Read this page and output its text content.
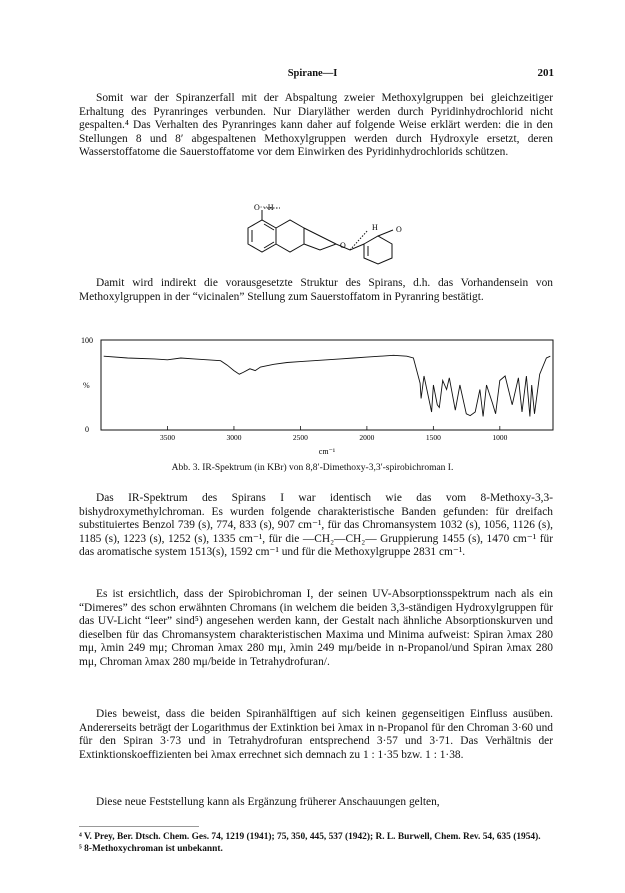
Spirane—I	201

Somit war der Spiranzerfall mit der Abspaltung zweier Methoxylgruppen bei gleichzeitiger Erhaltung des Pyranringes verbunden. Nur Diaryläther werden durch Pyridinhydrochlorid nicht gespalten.⁴ Das Verhalten des Pyranringes kann daher auf folgende Weise erklärt werden: die in den Stellungen 8 und 8′ abgespaltenen Methoxylgruppen werden durch Hydroxyle ersetzt, deren Wasserstoffatome die Sauerstoffatome vor dem Einwirken des Pyridinhydrochlorids schützen.

O···H
H O
O

Damit wird indirekt die vorausgesetzte Struktur des Spirans, d.h. das Vorhandensein von Methoxylgruppen in der “vicinalen” Stellung zum Sauerstoffatom in Pyranring bestätigt.

100
0
%
3500	3000	2500	2000	1500	1000
cm⁻¹
Abb. 3. IR-Spektrum (in KBr) von 8,8′-Dimethoxy-3,3′-spirobichroman I.

Das IR-Spektrum des Spirans I war identisch wie das vom 8-Methoxy-3,3-bishydroxymethylchroman. Es wurden folgende charakteristische Banden gefunden: für dreifach substituiertes Benzol 739 (s), 774, 833 (s), 907 cm⁻¹, für das Chromansystem 1032 (s), 1056, 1126 (s), 1185 (s), 1223 (s), 1252 (s), 1335 cm⁻¹, für die —CH₂—CH₂— Gruppierung 1455 (s), 1470 cm⁻¹ für das aromatische system 1513(s), 1592 cm⁻¹ und für die Methoxylgruppe 2831 cm⁻¹.

Es ist ersichtlich, dass der Spirobichroman I, der seinen UV-Absorptionsspektrum nach als ein “Dimeres” des schon erwähnten Chromans (in welchem die beiden 3,3-ständigen Hydroxylgruppen für das UV-Licht “leer” sind⁵) angesehen werden kann, der Gestalt nach ähnliche Absorptionskurven und dieselben für das Chromansystem charakteristischen Maxima und Minima aufweist: Spiran λmax 280 mμ, λmin 249 mμ; Chroman λmax 280 mμ, λmin 249 mμ/beide in n-Propanol/und Spiran λmax 280 mμ, Chroman λmax 280 mμ/beide in Tetrahydrofuran/.

Dies beweist, dass die beiden Spiranhälftigen auf sich keinen gegenseitigen Einfluss ausüben. Andererseits beträgt der Logarithmus der Extinktion bei λmax in n-Propanol für den Chroman 3·60 und für den Spiran 3·73 und in Tetrahydrofuran entsprechend 3·57 und 3·71. Das Verhältnis der Extinktionskoeffizienten bei λmax errechnet sich demnach zu 1 : 1·35 bzw. 1 : 1·38.

Diese neue Feststellung kann als Ergänzung früherer Anschauungen gelten,

⁴ V. Prey, Ber. Dtsch. Chem. Ges. 74, 1219 (1941); 75, 350, 445, 537 (1942); R. L. Burwell, Chem. Rev. 54, 635 (1954).

⁵ 8-Methoxychroman ist unbekannt.
